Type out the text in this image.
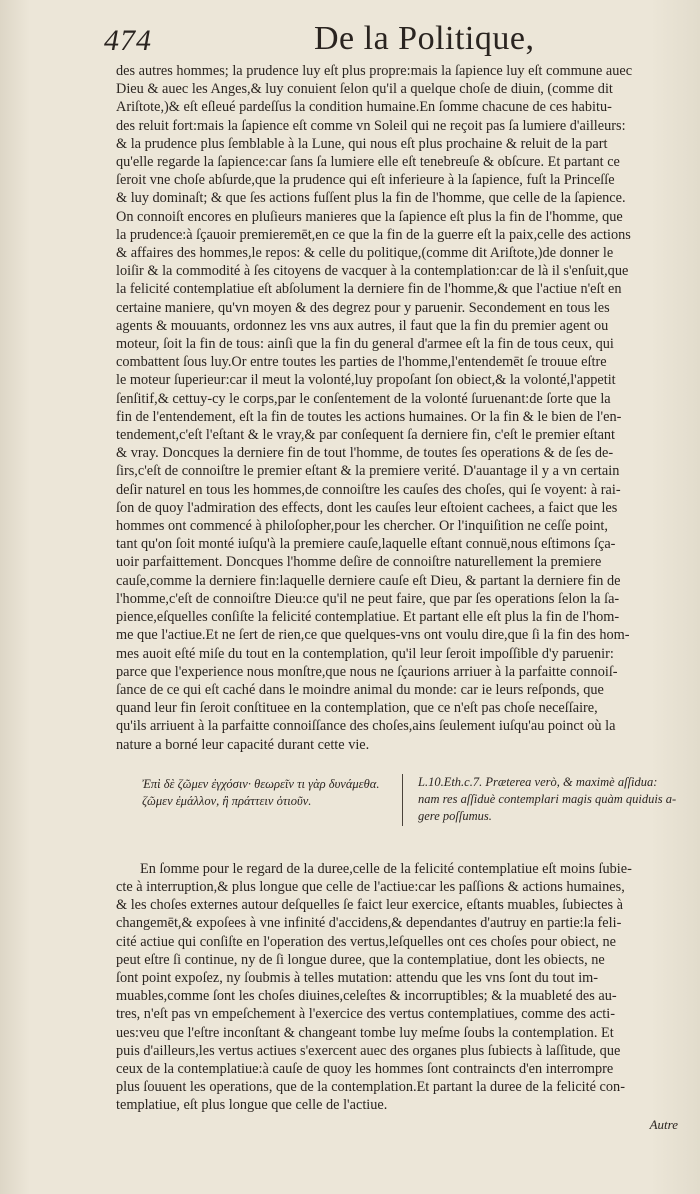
474	De la Politique,
des autres hommes; la prudence luy eſt plus propre:mais la ſapience luy eſt commune auec
Dieu & auec les Anges,& luy conuient ſelon qu'il a quelque choſe de diuin, (comme dit
Ariſtote,)& eſt eſleué pardeſſus la condition humaine.En ſomme chacune de ces habitu-
des reluit fort:mais la ſapience eſt comme vn Soleil qui ne reçoit pas ſa lumiere d'ailleurs:
& la prudence plus ſemblable à la Lune, qui nous eſt plus prochaine & reluit de la part
qu'elle regarde la ſapience:car ſans ſa lumiere elle eſt tenebreuſe & obſcure. Et partant ce
ſeroit vne choſe abſurde,que la prudence qui eſt inferieure à la ſapience, fuſt la Princeſſe
& luy dominaſt; & que ſes actions fuſſent plus la fin de l'homme, que celle de la ſapience.
On connoiſt encores en pluſieurs manieres que la ſapience eſt plus la fin de l'homme, que
la prudence:à ſçauoir premieremēt,en ce que la fin de la guerre eſt la paix,celle des actions
& affaires des hommes,le repos: & celle du politique,(comme dit Ariſtote,)de donner le
loiſir & la commodité à ſes citoyens de vacquer à la contemplation:car de là il s'enſuit,que
la felicité contemplatiue eſt abſolument la derniere fin de l'homme,& que l'actiue n'eſt en
certaine maniere, qu'vn moyen & des degrez pour y paruenir. Secondement en tous les
agents & mouuants, ordonnez les vns aux autres, il faut que la fin du premier agent ou
moteur, ſoit la fin de tous: ainſi que la fin du general d'armee eſt la fin de tous ceux, qui
combattent ſous luy.Or entre toutes les parties de l'homme,l'entendemēt ſe trouue eſtre
le moteur ſuperieur:car il meut la volonté,luy propoſant ſon obiect,& la volonté,l'appetit
ſenſitif,& cettuy-cy le corps,par le conſentement de la volonté ſuruenant:de ſorte que la
fin de l'entendement, eſt la fin de toutes les actions humaines. Or la fin & le bien de l'en-
tendement,c'eſt l'eſtant & le vray,& par conſequent ſa derniere fin, c'eſt le premier eſtant
& vray. Doncques la derniere fin de tout l'homme, de toutes ſes operations & de ſes de-
ſirs,c'eſt de connoiſtre le premier eſtant & la premiere verité. D'auantage il y a vn certain
deſir naturel en tous les hommes,de connoiſtre les cauſes des choſes, qui ſe voyent: à rai-
ſon de quoy l'admiration des effects, dont les cauſes leur eſtoient cachees, a faict que les
hommes ont commencé à philoſopher,pour les chercher. Or l'inquiſition ne ceſſe point,
tant qu'on ſoit monté iuſqu'à la premiere cauſe,laquelle eſtant connuë,nous eſtimons ſça-
uoir parfaittement. Doncques l'homme deſire de connoiſtre naturellement la premiere
cauſe,comme la derniere fin:laquelle derniere cauſe eſt Dieu, & partant la derniere fin de
l'homme,c'eſt de connoiſtre Dieu:ce qu'il ne peut faire, que par ſes operations ſelon la ſa-
pience,eſquelles conſiſte la felicité contemplatiue. Et partant elle eſt plus la fin de l'hom-
me que l'actiue.Et ne ſert de rien,ce que quelques-vns ont voulu dire,que ſi la fin des hom-
mes auoit eſté miſe du tout en la contemplation, qu'il leur ſeroit impoſſible d'y paruenir:
parce que l'experience nous monſtre,que nous ne ſçaurions arriuer à la parfaitte connoiſ-
ſance de ce qui eſt caché dans le moindre animal du monde: car ie leurs reſponds, que
quand leur fin ſeroit conſtituee en la contemplation, que ce n'eſt pas choſe neceſſaire,
qu'ils arriuent à la parfaitte connoiſſance des choſes,ains ſeulement iuſqu'au poinct où la
nature a borné leur capacité durant cette vie.
Ἐπὶ δὲ ζῶμεν ἐγχόσιν· θεωρεῖν τι γὰρ δυνάμεθα.
ζῶμεν ἐμάλλον, ἢ πράττειν ὁτιοῦν.
L.10.Eth.c.7. Præterea verò, & maximè aſſidua:
nam res aſſiduè contemplari magis quàm quiduis a-
gere poſſumus.
En ſomme pour le regard de la duree,celle de la felicité contemplatiue eſt moins ſubie-
cte à interruption,& plus longue que celle de l'actiue:car les paſſions & actions humaines,
& les choſes externes autour deſquelles ſe faict leur exercice, eſtants muables, ſubiectes à
changemēt,& expoſees à vne infinité d'accidens,& dependantes d'autruy en partie:la feli-
cité actiue qui conſiſte en l'operation des vertus,leſquelles ont ces choſes pour obiect, ne
peut eſtre ſi continue, ny de ſi longue duree, que la contemplatiue, dont les obiects, ne
ſont point expoſez, ny ſoubmis à telles mutation: attendu que les vns ſont du tout im-
muables,comme ſont les choſes diuines,celeſtes & incorruptibles; & la muableté des au-
tres, n'eſt pas vn empeſchement à l'exercice des vertus contemplatiues, comme des acti-
ues:veu que l'eſtre inconſtant & changeant tombe luy meſme ſoubs la contemplation. Et
puis d'ailleurs,les vertus actiues s'exercent auec des organes plus ſubiects à laſſitude, que
ceux de la contemplatiue:à cauſe de quoy les hommes ſont contraincts d'en interrompre
plus ſouuent les operations, que de la contemplation.Et partant la duree de la felicité con-
templatiue, eſt plus longue que celle de l'actiue.
Autre
